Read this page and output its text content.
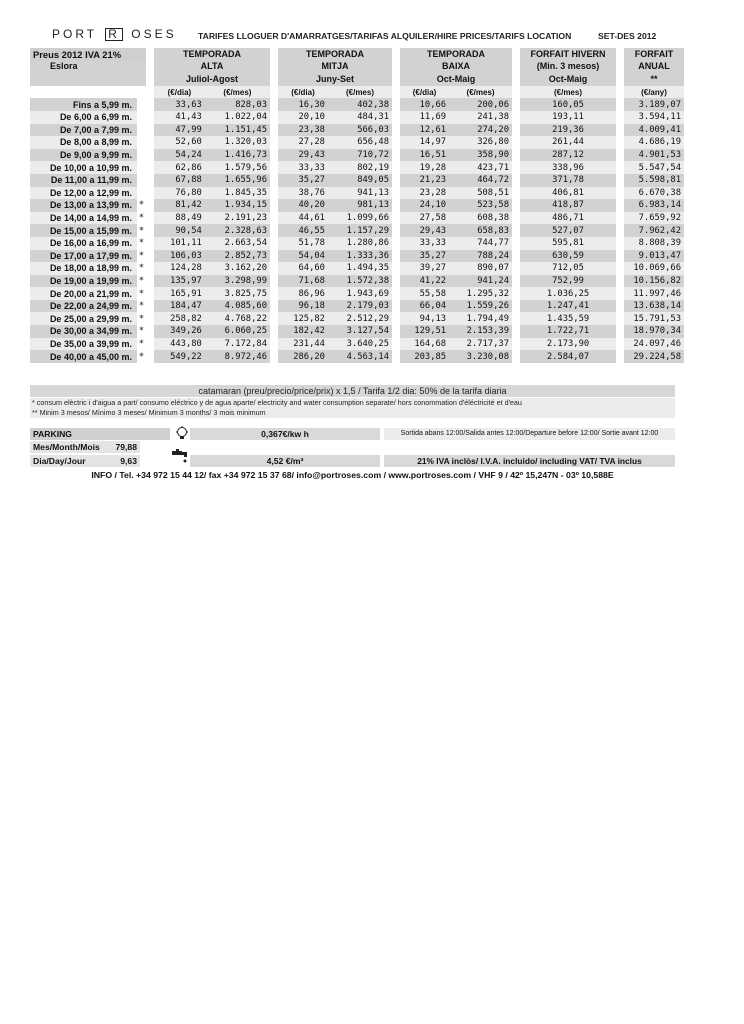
PORT R OSES TARIFES LLOGUER D'AMARRATGES/TARIFAS ALQUILER/HIRE PRICES/TARIFS LOCATION	SET-DES 2012
Preus 2012 IVA 21%			TEMPORADA			TEMPORADA			TEMPORADA			FORFAIT HIVERN		FORFAIT
Eslora			ALTA			MITJA			BAIXA			(Min. 3 mesos)		ANUAL
			Juliol-Agost			Juny-Set			Oct-Maig			Oct-Maig		**
			(€/dia)	(€/mes)		(€/dia)	(€/mes)		(€/dia)	(€/mes)		(€/mes)		(€/any)
Fins a 5,99 m.			33,63	828,03		16,30	402,38		10,66	200,06		160,05		3.189,07
De 6,00 a 6,99 m.			41,43	1.022,04		20,10	484,31		11,69	241,38		193,11		3.594,11
De 7,00 a 7,99 m.			47,99	1.151,45		23,38	566,03		12,61	274,20		219,36		4.009,41
De 8,00 a 8,99 m.			52,60	1.320,03		27,28	656,48		14,97	326,80		261,44		4.686,19
De 9,00 a 9,99 m.			54,24	1.416,73		29,43	710,72		16,51	358,90		287,12		4.901,53
De 10,00 a 10,99 m.			62,86	1.579,56		33,33	802,19		19,28	423,71		338,96		5.547,54
De 11,00 a 11,99 m.			67,88	1.655,96		35,27	849,05		21,23	464,72		371,78		5.598,81
De 12,00 a 12,99 m.			76,80	1.845,35		38,76	941,13		23,28	508,51		406,81		6.670,38
De 13,00 a 13,99 m.	*		81,42	1.934,15		40,20	981,13		24,10	523,58		418,87		6.983,14
De 14,00 a 14,99 m.	*		88,49	2.191,23		44,61	1.099,66		27,58	608,38		486,71		7.659,92
De 15,00 a 15,99 m.	*		90,54	2.328,63		46,55	1.157,29		29,43	658,83		527,07		7.962,42
De 16,00 a 16,99 m.	*		101,11	2.663,54		51,78	1.280,86		33,33	744,77		595,81		8.808,39
De 17,00 a 17,99 m.	*		106,03	2.852,73		54,04	1.333,36		35,27	788,24		630,59		9.013,47
De 18,00 a 18,99 m.	*		124,28	3.162,20		64,60	1.494,35		39,27	890,07		712,05		10.069,66
De 19,00 a 19,99 m.	*		135,97	3.298,99		71,68	1.572,38		41,22	941,24		752,99		10.156,82
De 20,00 a 21,99 m.	*		165,91	3.825,75		86,96	1.943,69		55,58	1.295,32		1.036,25		11.997,46
De 22,00 a 24,99 m.	*		184,47	4.085,60		96,18	2.179,03		66,04	1.559,26		1.247,41		13.638,14
De 25,00 a 29,99 m.	*		258,82	4.768,22		125,82	2.512,29		94,13	1.794,49		1.435,59		15.791,53
De 30,00 a 34,99 m.	*		349,26	6.060,25		182,42	3.127,54		129,51	2.153,39		1.722,71		18.970,34
De 35,00 a 39,99 m.	*		443,80	7.172,84		231,44	3.640,25		164,68	2.717,37		2.173,90		24.097,46
De 40,00 a 45,00 m.	*		549,22	8.972,46		286,20	4.563,14		203,85	3.230,08		2.584,07		29.224,58
catamaran (preu/precio/price/prix) x 1,5 / Tarifa 1/2 dia: 50% de la tarifa diaria
* consum elèctric i d'aigua a part/ consumo eléctrico y de agua aparte/ electricity and water consumption separate/ hors conommation d'éléctricité et d'eau
** Minim 3 mesos/ Mínimo 3 meses/ Minimum 3 months/ 3 mois minimum
PARKING
Mes/Month/Mois	79,88
Dia/Day/Jour	9,63
0,367€/kw h
4,52 €/m³
Sortida abans 12:00/Salida antes 12:00/Departure before 12:00/ Sortie avant 12:00
21% IVA inclòs/ I.V.A. incluido/ including VAT/ TVA inclus
INFO / Tel. +34 972 15 44 12/ fax +34 972 15 37 68/ info@portroses.com / www.portroses.com / VHF 9 / 42º 15,247N - 03º 10,588E
